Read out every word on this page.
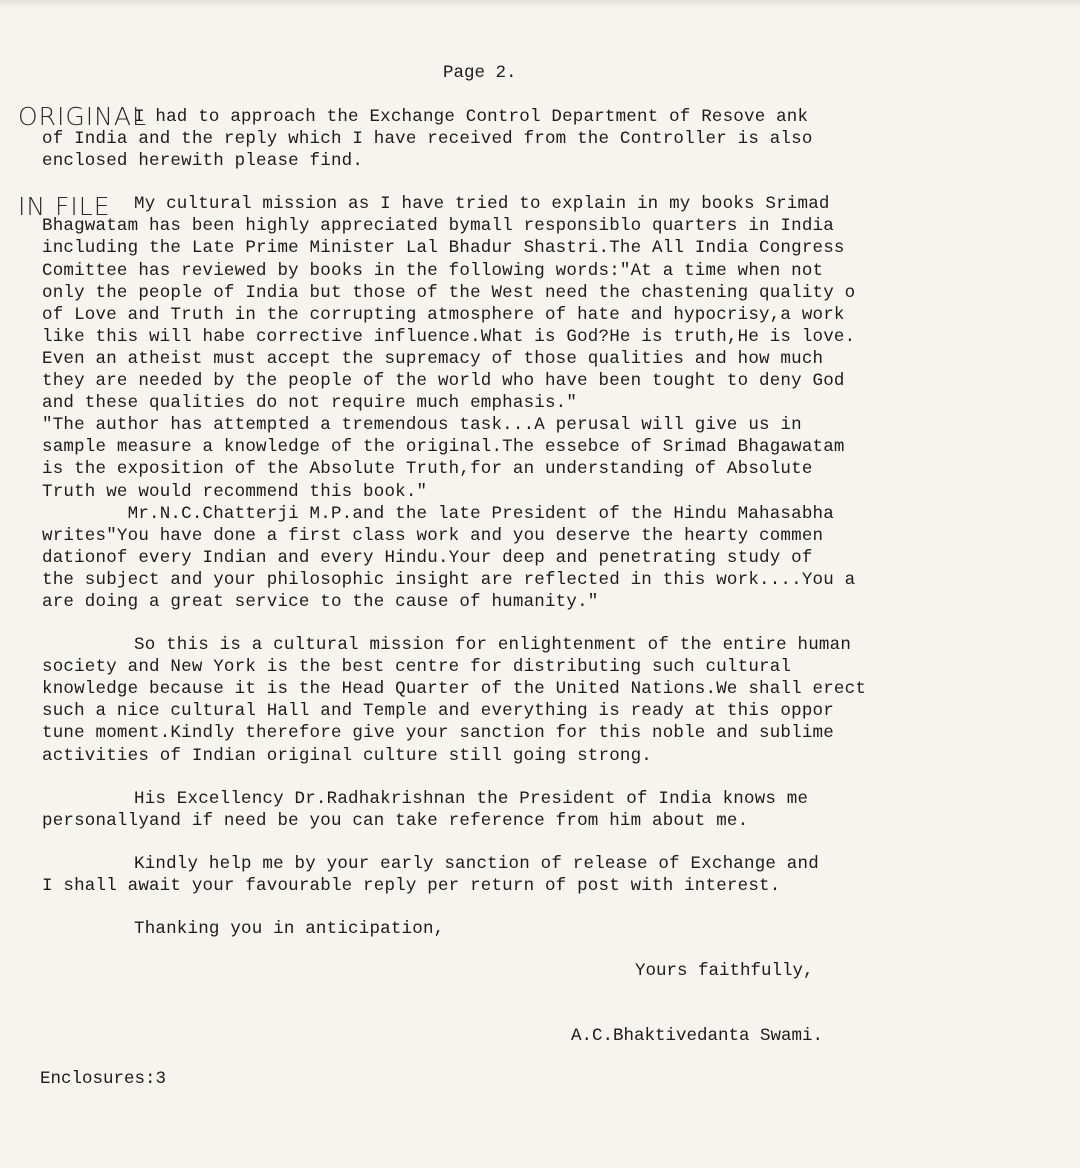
ORIGINAL

IN FILE

Page 2.
I had to approach the Exchange Control Department of Resove ank
of India and the reply which I have received from the Controller is also
enclosed herewith please find.
My cultural mission as I have tried to explain in my books Srimad
Bhagwatam has been highly appreciated bymall responsiblo quarters in India
including the Late Prime Minister Lal Bhadur Shastri.The All India Congress
Comittee has reviewed by books in the following words:"At a time when not
only the people of India but those of the West need the chastening quality o
of Love and Truth in the corrupting atmosphere of hate and hypocrisy,a work
like this will habe corrective influence.What is God?He is truth,He is love.
Even an atheist must accept the supremacy of those qualities and how much
they are needed by the people of the world who have been tought to deny God
and these qualities do not require much emphasis."
"The author has attempted a tremendous task...A perusal will give us in
sample measure a knowledge of the original.The essebce of Srimad Bhagawatam
is the exposition of the Absolute Truth,for an understanding of Absolute
Truth we would recommend this book."
Mr.N.C.Chatterji M.P.and the late President of the Hindu Mahasabha
writes"You have done a first class work and you deserve the hearty commen
dationof every Indian and every Hindu.Your deep and penetrating study of
the subject and your philosophic insight are reflected in this work....You a
are doing a great service to the cause of humanity."
So this is a cultural mission for enlightenment of the entire human
society and New York is the best centre for distributing such cultural
knowledge because it is the Head Quarter of the United Nations.We shall erect
such a nice cultural Hall and Temple and everything is ready at this oppor
tune moment.Kindly therefore give your sanction for this noble and sublime
activities of Indian original culture still going strong.
His Excellency Dr.Radhakrishnan the President of India knows me
personallyand if need be you can take reference from him about me.
Kindly help me by your early sanction of release of Exchange and
I shall await your favourable reply per return of post with interest.
Thanking you in anticipation,
Yours faithfully,
A.C.Bhaktivedanta Swami.
Enclosures:3
